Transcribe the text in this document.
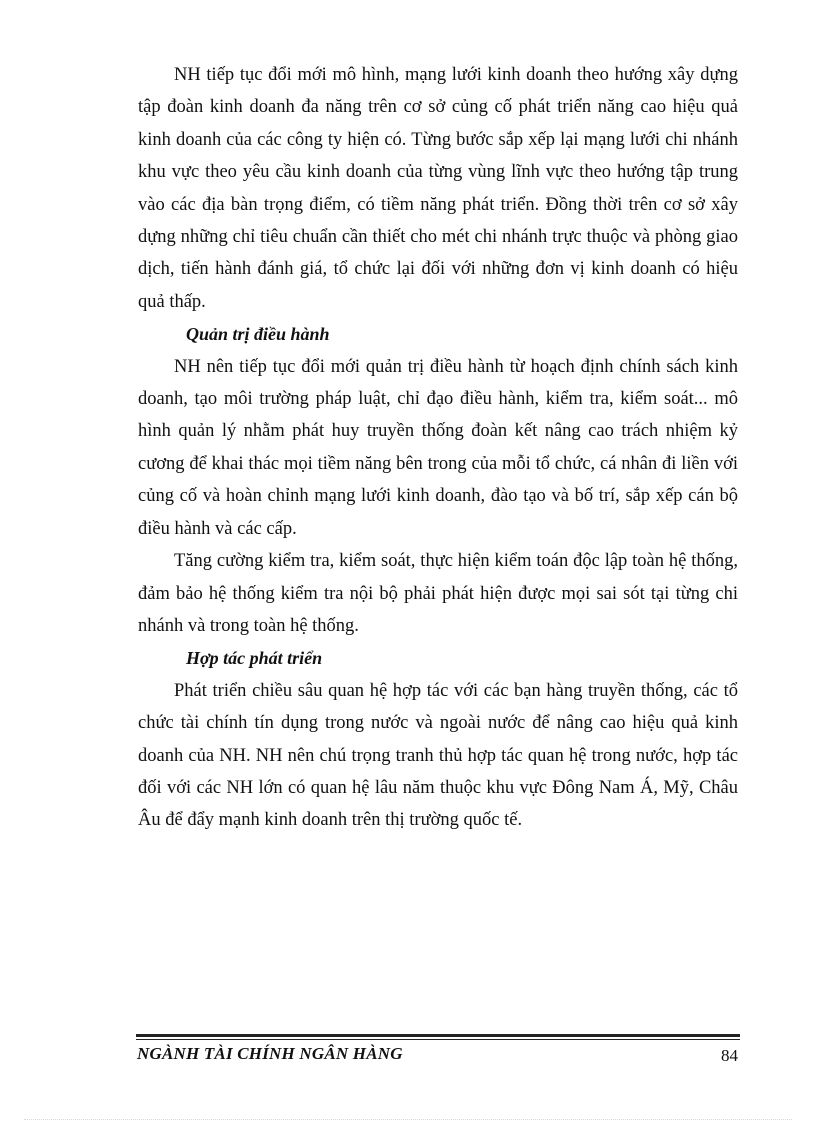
NH tiếp tục đổi mới mô hình, mạng lưới kinh doanh theo hướng xây dựng tập đoàn kinh doanh đa năng trên cơ sở củng cố phát triển năng cao hiệu quả kinh doanh của các công ty hiện có. Từng bước sắp xếp lại mạng lưới chi nhánh khu vực theo yêu cầu kinh doanh của từng vùng lĩnh vực theo hướng tập trung vào các địa bàn trọng điểm, có tiềm năng phát triển. Đồng thời trên cơ sở xây dựng những chỉ tiêu chuẩn cần thiết cho mét chi nhánh trực thuộc và phòng giao dịch, tiến hành đánh giá, tổ chức lại đối với những đơn vị kinh doanh có hiệu quả thấp.

Quản trị điều hành

NH nên tiếp tục đổi mới quản trị điều hành từ hoạch định chính sách kinh doanh, tạo môi trường pháp luật, chỉ đạo điều hành, kiểm tra, kiểm soát... mô hình quản lý nhằm phát huy truyền thống đoàn kết nâng cao trách nhiệm kỷ cương để khai thác mọi tiềm năng bên trong của mỗi tổ chức, cá nhân đi liền với củng cố và hoàn chỉnh mạng lưới kinh doanh, đào tạo và bố trí, sắp xếp cán bộ điều hành và các cấp.

Tăng cường kiểm tra, kiểm soát, thực hiện kiểm toán độc lập toàn hệ thống, đảm bảo hệ thống kiểm tra nội bộ phải phát hiện được mọi sai sót tại từng chi nhánh và trong toàn hệ thống.

Hợp tác phát triển

Phát triển chiều sâu quan hệ hợp tác với các bạn hàng truyền thống, các tổ chức tài chính tín dụng trong nước và ngoài nước để nâng cao hiệu quả kinh doanh của NH. NH nên chú trọng tranh thủ hợp tác quan hệ trong nước, hợp tác đối với các NH lớn có quan hệ lâu năm thuộc khu vực Đông Nam Á, Mỹ, Châu Âu để đẩy mạnh kinh doanh trên thị trường quốc tế.

NGÀNH TÀI CHÍNH NGÂN HÀNG	84
